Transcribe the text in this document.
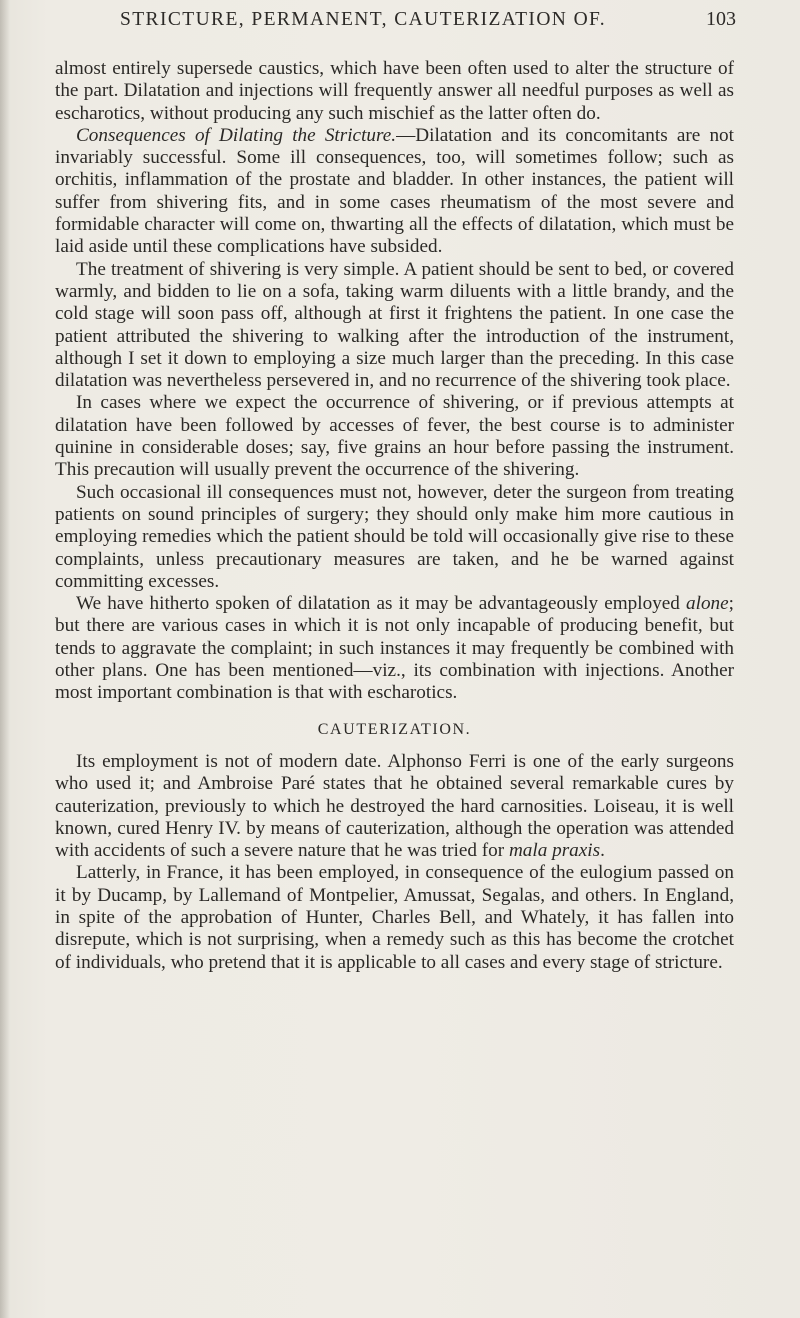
STRICTURE, PERMANENT, CAUTERIZATION OF.	103

almost entirely supersede caustics, which have been often used to alter the structure of the part. Dilatation and injections will frequently answer all needful purposes as well as escharotics, without producing any such mischief as the latter often do.

Consequences of Dilating the Stricture.—Dilatation and its concomitants are not invariably successful. Some ill consequences, too, will sometimes follow; such as orchitis, inflammation of the prostate and bladder. In other instances, the patient will suffer from shivering fits, and in some cases rheumatism of the most severe and formidable character will come on, thwarting all the effects of dilatation, which must be laid aside until these complications have subsided.

The treatment of shivering is very simple. A patient should be sent to bed, or covered warmly, and bidden to lie on a sofa, taking warm diluents with a little brandy, and the cold stage will soon pass off, although at first it frightens the patient. In one case the patient attributed the shivering to walking after the introduction of the instrument, although I set it down to employing a size much larger than the preceding. In this case dilatation was nevertheless persevered in, and no recurrence of the shivering took place.

In cases where we expect the occurrence of shivering, or if previous attempts at dilatation have been followed by accesses of fever, the best course is to administer quinine in considerable doses; say, five grains an hour before passing the instrument. This precaution will usually prevent the occurrence of the shivering.

Such occasional ill consequences must not, however, deter the surgeon from treating patients on sound principles of surgery; they should only make him more cautious in employing remedies which the patient should be told will occasionally give rise to these complaints, unless precautionary measures are taken, and he be warned against committing excesses.

We have hitherto spoken of dilatation as it may be advantageously employed alone; but there are various cases in which it is not only incapable of producing benefit, but tends to aggravate the complaint; in such instances it may frequently be combined with other plans. One has been mentioned—viz., its combination with injections. Another most important combination is that with escharotics.

CAUTERIZATION.

Its employment is not of modern date. Alphonso Ferri is one of the early surgeons who used it; and Ambroise Paré states that he obtained several remarkable cures by cauterization, previously to which he destroyed the hard carnosities. Loiseau, it is well known, cured Henry IV. by means of cauterization, although the operation was attended with accidents of such a severe nature that he was tried for mala praxis.

Latterly, in France, it has been employed, in consequence of the eulogium passed on it by Ducamp, by Lallemand of Montpelier, Amussat, Segalas, and others. In England, in spite of the approbation of Hunter, Charles Bell, and Whately, it has fallen into disrepute, which is not surprising, when a remedy such as this has become the crotchet of individuals, who pretend that it is applicable to all cases and every stage of stricture.
